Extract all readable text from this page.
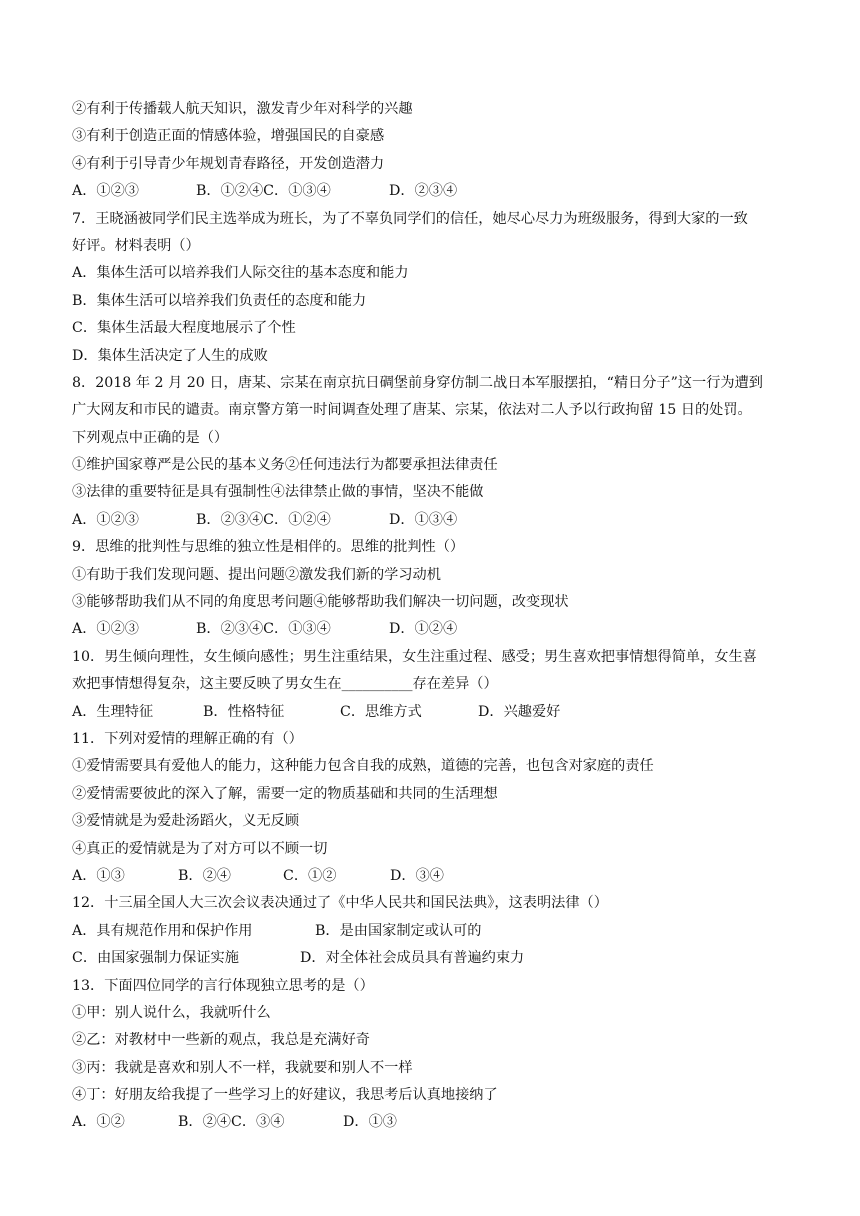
②有利于传播载人航天知识，激发青少年对科学的兴趣
③有利于创造正面的情感体验，增强国民的自豪感
④有利于引导青少年规划青春路径，开发创造潜力
A．①②③	B．①②④C．①③④	D．②③④
7．王晓涵被同学们民主选举成为班长，为了不辜负同学们的信任，她尽心尽力为班级服务，得到大家的一致
好评。材料表明（）
A．集体生活可以培养我们人际交往的基本态度和能力
B．集体生活可以培养我们负责任的态度和能力
C．集体生活最大程度地展示了个性
D．集体生活决定了人生的成败
8．2018 年 2 月 20 日，唐某、宗某在南京抗日碉堡前身穿仿制二战日本军服摆拍，“精日分子”这一行为遭到
广大网友和市民的谴责。南京警方第一时间调查处理了唐某、宗某，依法对二人予以行政拘留 15 日的处罚。
下列观点中正确的是（）
①维护国家尊严是公民的基本义务②任何违法行为都要承担法律责任
③法律的重要特征是具有强制性④法律禁止做的事情，坚决不能做
A．①②③	B．②③④C．①②④	D．①③④
9．思维的批判性与思维的独立性是相伴的。思维的批判性（）
①有助于我们发现问题、提出问题②激发我们新的学习动机
③能够帮助我们从不同的角度思考问题④能够帮助我们解决一切问题，改变现状
A．①②③	B．②③④C．①③④	D．①②④
10．男生倾向理性，女生倾向感性；男生注重结果，女生注重过程、感受；男生喜欢把事情想得简单，女生喜
欢把事情想得复杂，这主要反映了男女生在__________存在差异（）
A．生理特征	B．性格特征	C．思维方式	D．兴趣爱好
11．下列对爱情的理解正确的有（）
①爱情需要具有爱他人的能力，这种能力包含自我的成熟，道德的完善，也包含对家庭的责任
②爱情需要彼此的深入了解，需要一定的物质基础和共同的生活理想
③爱情就是为爱赴汤蹈火，义无反顾
④真正的爱情就是为了对方可以不顾一切
A．①③	B．②④	C．①②	D．③④
12．十三届全国人大三次会议表决通过了《中华人民共和国民法典》，这表明法律（）
A．具有规范作用和保护作用	B．是由国家制定或认可的
C．由国家强制力保证实施	D．对全体社会成员具有普遍约束力
13．下面四位同学的言行体现独立思考的是（）
①甲：别人说什么，我就听什么
②乙：对教材中一些新的观点，我总是充满好奇
③丙：我就是喜欢和别人不一样，我就要和别人不一样
④丁：好朋友给我提了一些学习上的好建议，我思考后认真地接纳了
A．①②	B．②④C．③④	D．①③
